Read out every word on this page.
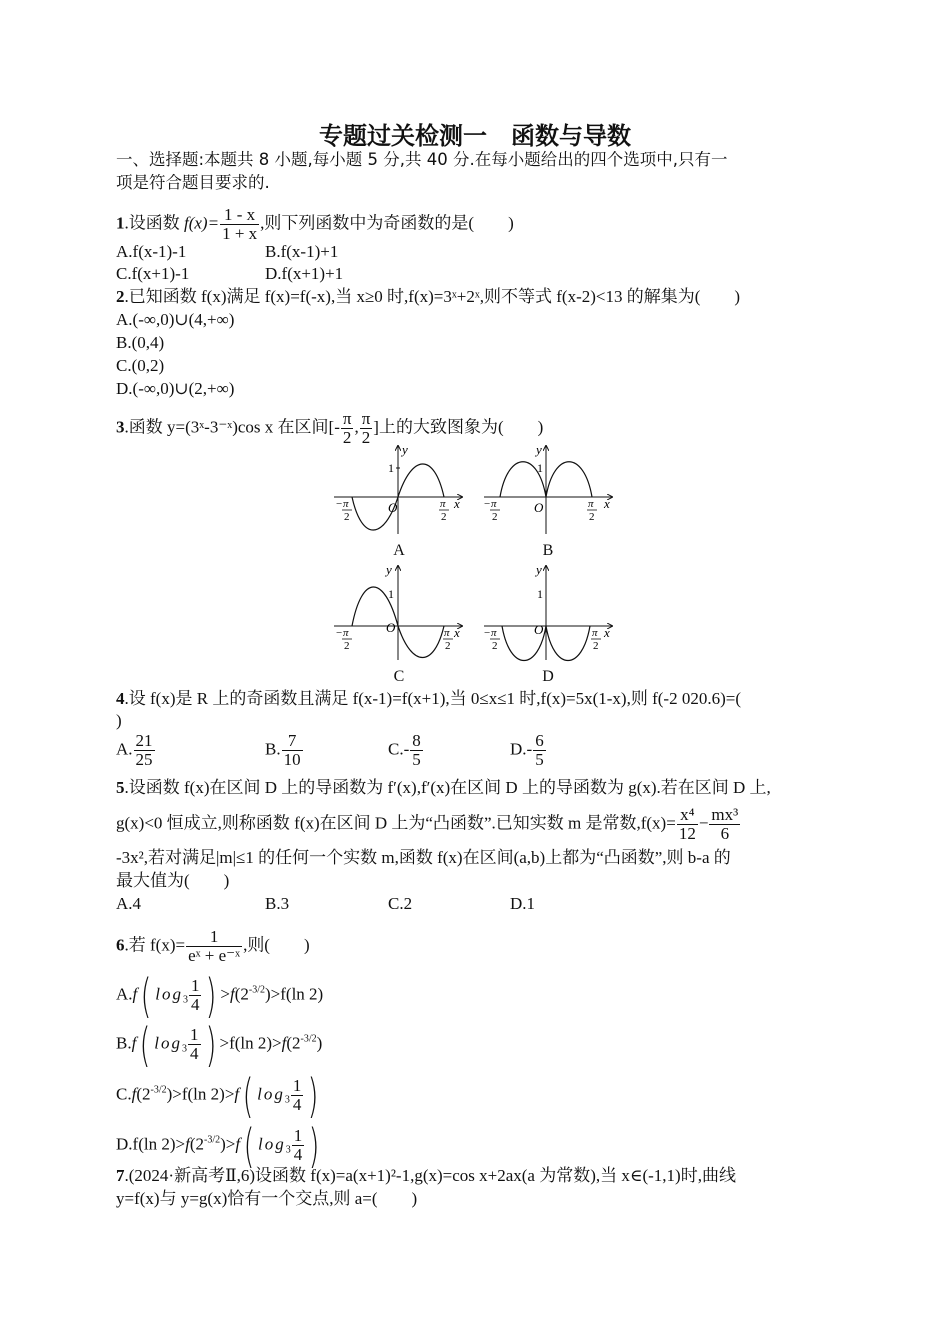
专题过关检测一　函数与导数
一、选择题:本题共 8 小题,每小题 5 分,共 40 分.在每小题给出的四个选项中,只有一
项是符合题目要求的.
1.设函数 $f(x)= \frac{1 - x}{1 + x}$ ,则下列函数中为奇函数的是(　　)
A.f(x-1)-1	B.f(x-1)+1
C.f(x+1)-1	D.f(x+1)+1
2.已知函数 f(x)满足 f(x)=f(-x),当 x≥0 时,f(x)=3ˣ+2ˣ,则不等式 f(x-2)<13 的解集为(　　)
A.(-∞,0)∪(4,+∞)
B.(0,4)
C.(0,2)
D.(-∞,0)∪(2,+∞)
3.函数 y=(3ˣ-3⁻ˣ)cos x 在区间[- $\frac{\pi}{2}$ , $\frac{\pi}{2}$ ]上的大致图象为(　　)
y
x
O
1
− π
2
π
2
A
y
x
O
1
− π
2
π
2
B
y
x
O
1
− π
2
π
2
C
y
x
O
1
− π
2
π
2
D
4.设 f(x)是 R 上的奇函数且满足 f(x-1)=f(x+1),当 0≤x≤1 时,f(x)=5x(1-x),则 f(-2 020.6)=(
)
A. $\frac{21}{25}$	B. $\frac{7}{10}$	$C.- \frac{8}{5}$	$D.- \frac{6}{5}$
5.设函数 f(x)在区间 D 上的导函数为 f′(x),f′(x)在区间 D 上的导函数为 g(x).若在区间 D 上,
g(x)<0 恒成立,则称函数 f(x)在区间 D 上为“凸函数”.已知实数 m 是常数$,f(x)= \frac{\text{x⁴}}{12} - \frac{\text{mx³}}{6}$
-3x²,若对满足|m|≤1 的任何一个实数 m,函数 f(x)在区间(a,b)上都为“凸函数”,则 b-a 的
最大值为(　　)
A.4	B.3	C.2	D.1
6.若 $f(x)= \frac{1}{\text{eˣ + e⁻ˣ}}$ ,则(　　)
A.f( $\log_3 \frac{1}{4}$ ) $>f(2^{-3/2})>f(\ln$ 2)
B.f( $\log_3 \frac{1}{4}$ ) >f(ln $2)>f(2^{-3/2})$
$C.f(2^{-3/2})>f(\ln$ 2)>f( $\log_3 \frac{1}{4}$ )
D.f(ln $2)>f(2^{-3/2})>f$( $\log_3 \frac{1}{4}$ )
7.(2024·新高考Ⅱ,6)设函数 f(x)=a(x+1)²-1,g(x)=cos x+2ax(a 为常数),当 x∈(-1,1)时,曲线
y=f(x)与 y=g(x)恰有一个交点,则 a=(　　)
